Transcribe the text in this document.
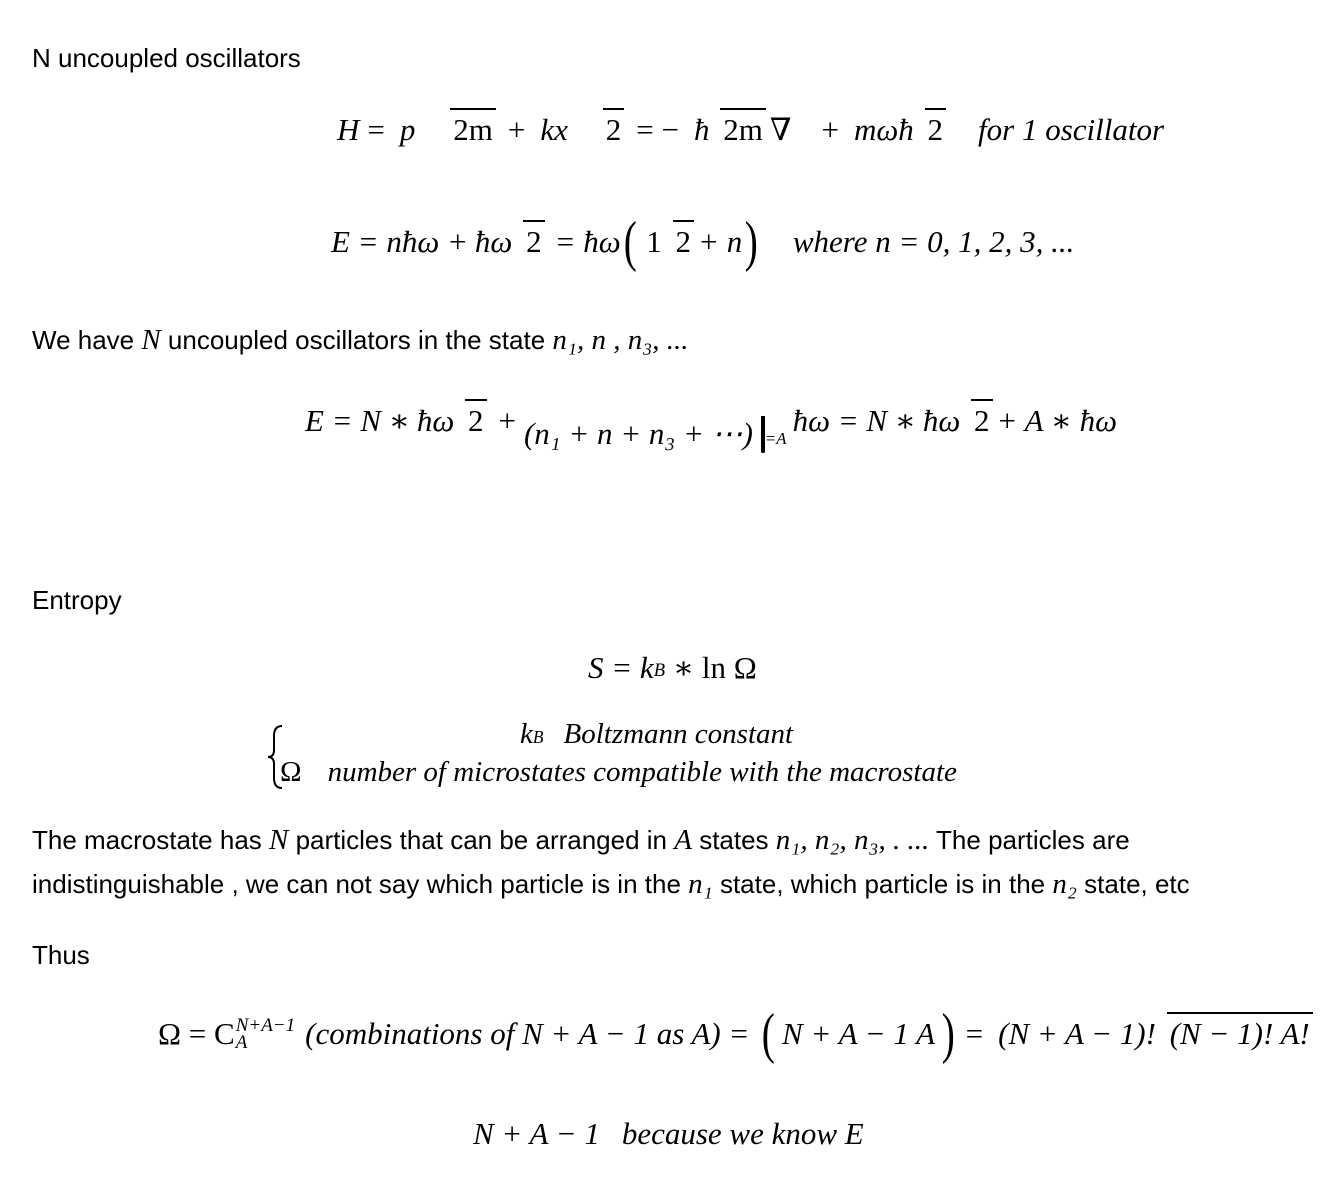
N uncoupled oscillators

H = p⃗ 2m + kx⃗ 2 = − ħ 2m ∇ + mωħ 2 for 1 oscillator
E = nħω + ħω 2 = ħω ( 1 2 + n ) where n = 0, 1, 2, 3, ...

We have N uncoupled oscillators in the state n₁, n , n₃, ...

E = N ∗ ħω 2 + (n₁ + n + n₃ + ⋯) =A
ħω = N ∗ ħω 2 + A ∗ ħω

Entropy

$S = k_B$ ∗ ln Ω
$k_B$ Boltzmann constant
Ω number of microstates compatible with the macrostate

The macrostate has N particles that can be arranged in A states n₁, n₂, n₃, . ... The particles are

indistinguishable , we can not say which particle is in the n₁ state, which particle is in the n₂ state, etc

Thus

Ω = C N+A−1
A	(combinations of N + A − 1 as A) = ( N + A − 1 A ) = (N + A − 1)! (N − 1)! A!
N + A − 1 because we know E
